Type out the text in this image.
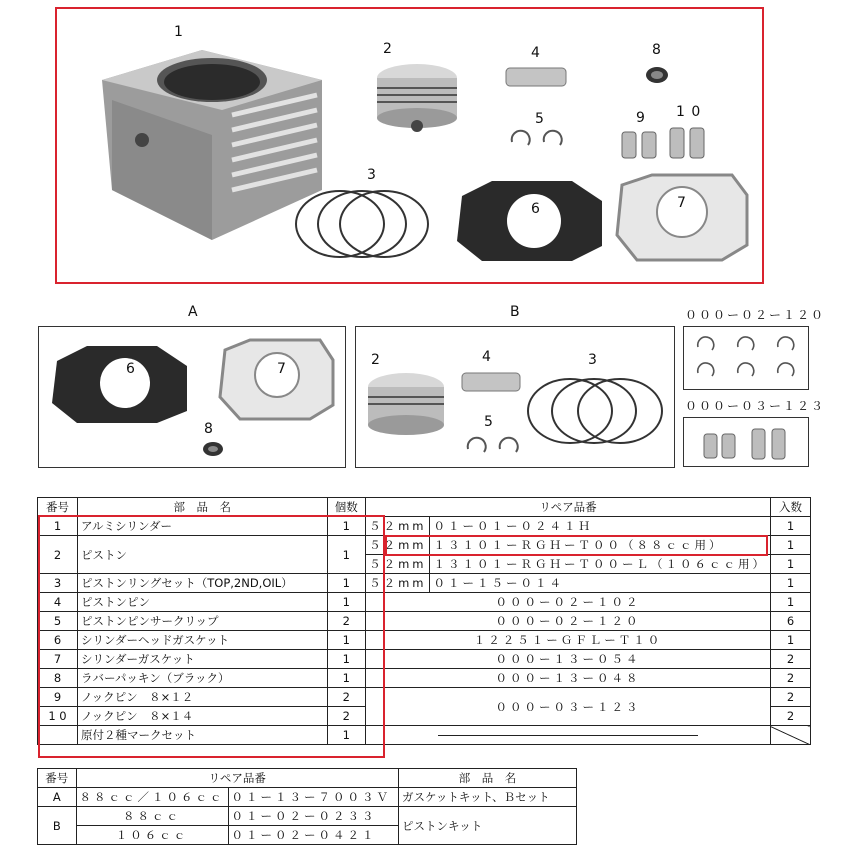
1
2	4
5
8
9 1 0
3
6	7
A
6	7
8
B
2	4	3
5
０００ー０２ー１２０
０００ー０３ー１２３
番号	部　品　名	個数	リペア品番		入数
1	アルミシリンダー	1	５２mm	０１ー０１ー０２４１Ｈ	1
2	ピストン	1	５２mm	１３１０１ーＲＧＨーＴ００（８８ｃｃ用）	1
			５２mm	１３１０１ーＲＧＨーＴ００ーＬ（１０６ｃｃ用）	1
3	ピストンリングセット（TOP,2ND,OIL）	1	５２mm	０１ー１５ー０１４	1
4	ピストンピン	1	０００ー０２ー１０２		1
5	ピストンピンサークリップ	2	０００ー０２ー１２０		6
6	シリンダーヘッドガスケット	1	１２２５１ーＧＦＬーＴ１０		1
7	シリンダーガスケット	1	０００ー１３ー０５４		2
8	ラバーパッキン（ブラック）	1	０００ー１３ー０４８		2
9	ノックピン　８×１２	2	０００ー０３ー１２３		2
1 0	ノックピン　８×１４	2			2
	原付２種マークセット	1		

番号	リペア品番		部　品　名
A	８８ｃｃ／１０６ｃｃ	０１ー１３ー７００３Ｖ	ガスケットキット、Ｂセット
B	８８ｃｃ	０１ー０２ー０２３３	ピストンキット
	１０６ｃｃ	０１ー０２ー０４２１	
